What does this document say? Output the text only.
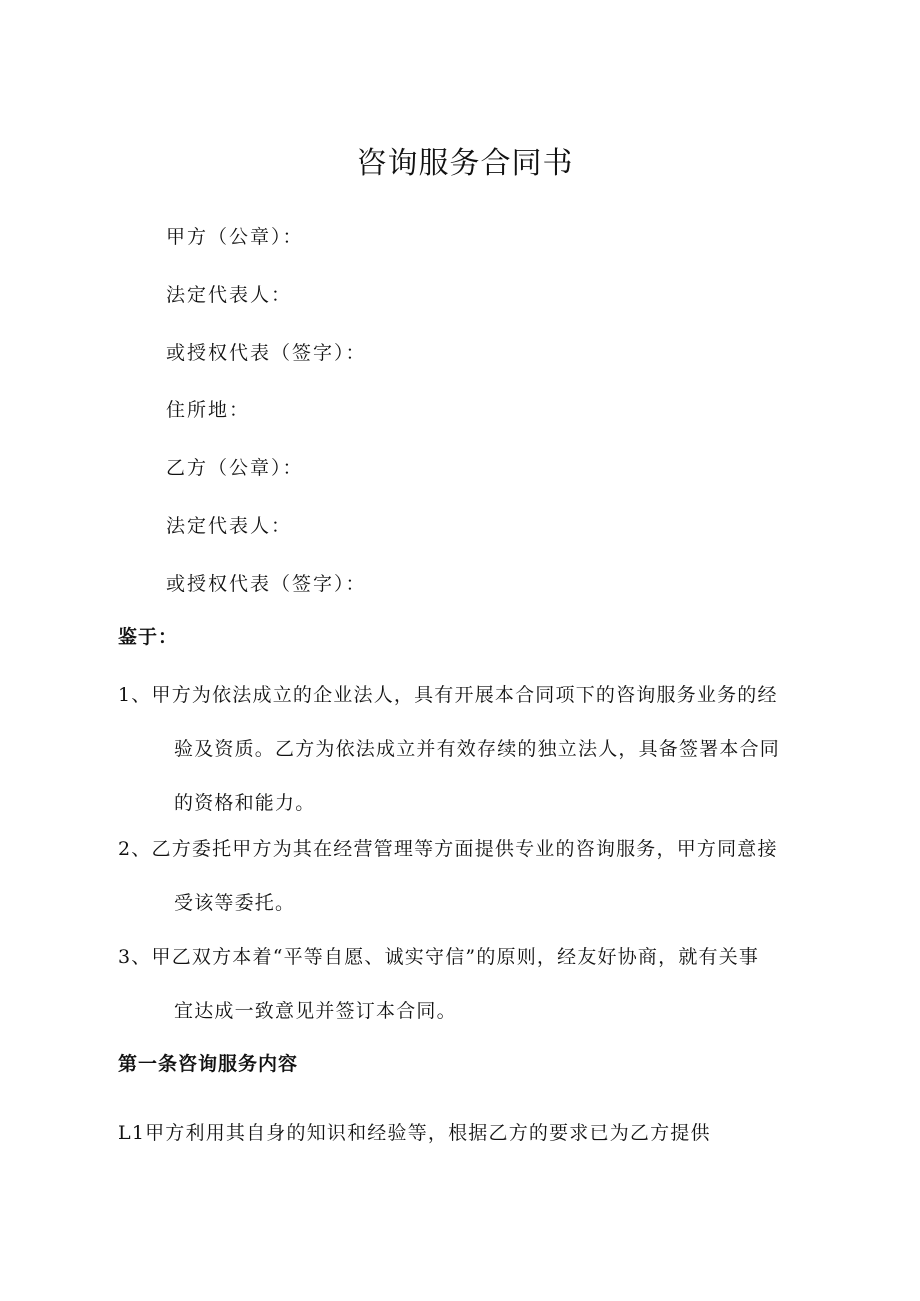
咨询服务合同书
甲方（公章）：
法定代表人：
或授权代表（签字）：
住所地：
乙方（公章）：
法定代表人：
或授权代表（签字）：
鉴于：
1、甲方为依法成立的企业法人，具有开展本合同项下的咨询服务业务的经
验及资质。乙方为依法成立并有效存续的独立法人，具备签署本合同
的资格和能力。
2、乙方委托甲方为其在经营管理等方面提供专业的咨询服务，甲方同意接
受该等委托。
3、甲乙双方本着“平等自愿、诚实守信”的原则，经友好协商，就有关事
宜达成一致意见并签订本合同。
第一条咨询服务内容
L1甲方利用其自身的知识和经验等，根据乙方的要求已为乙方提供
